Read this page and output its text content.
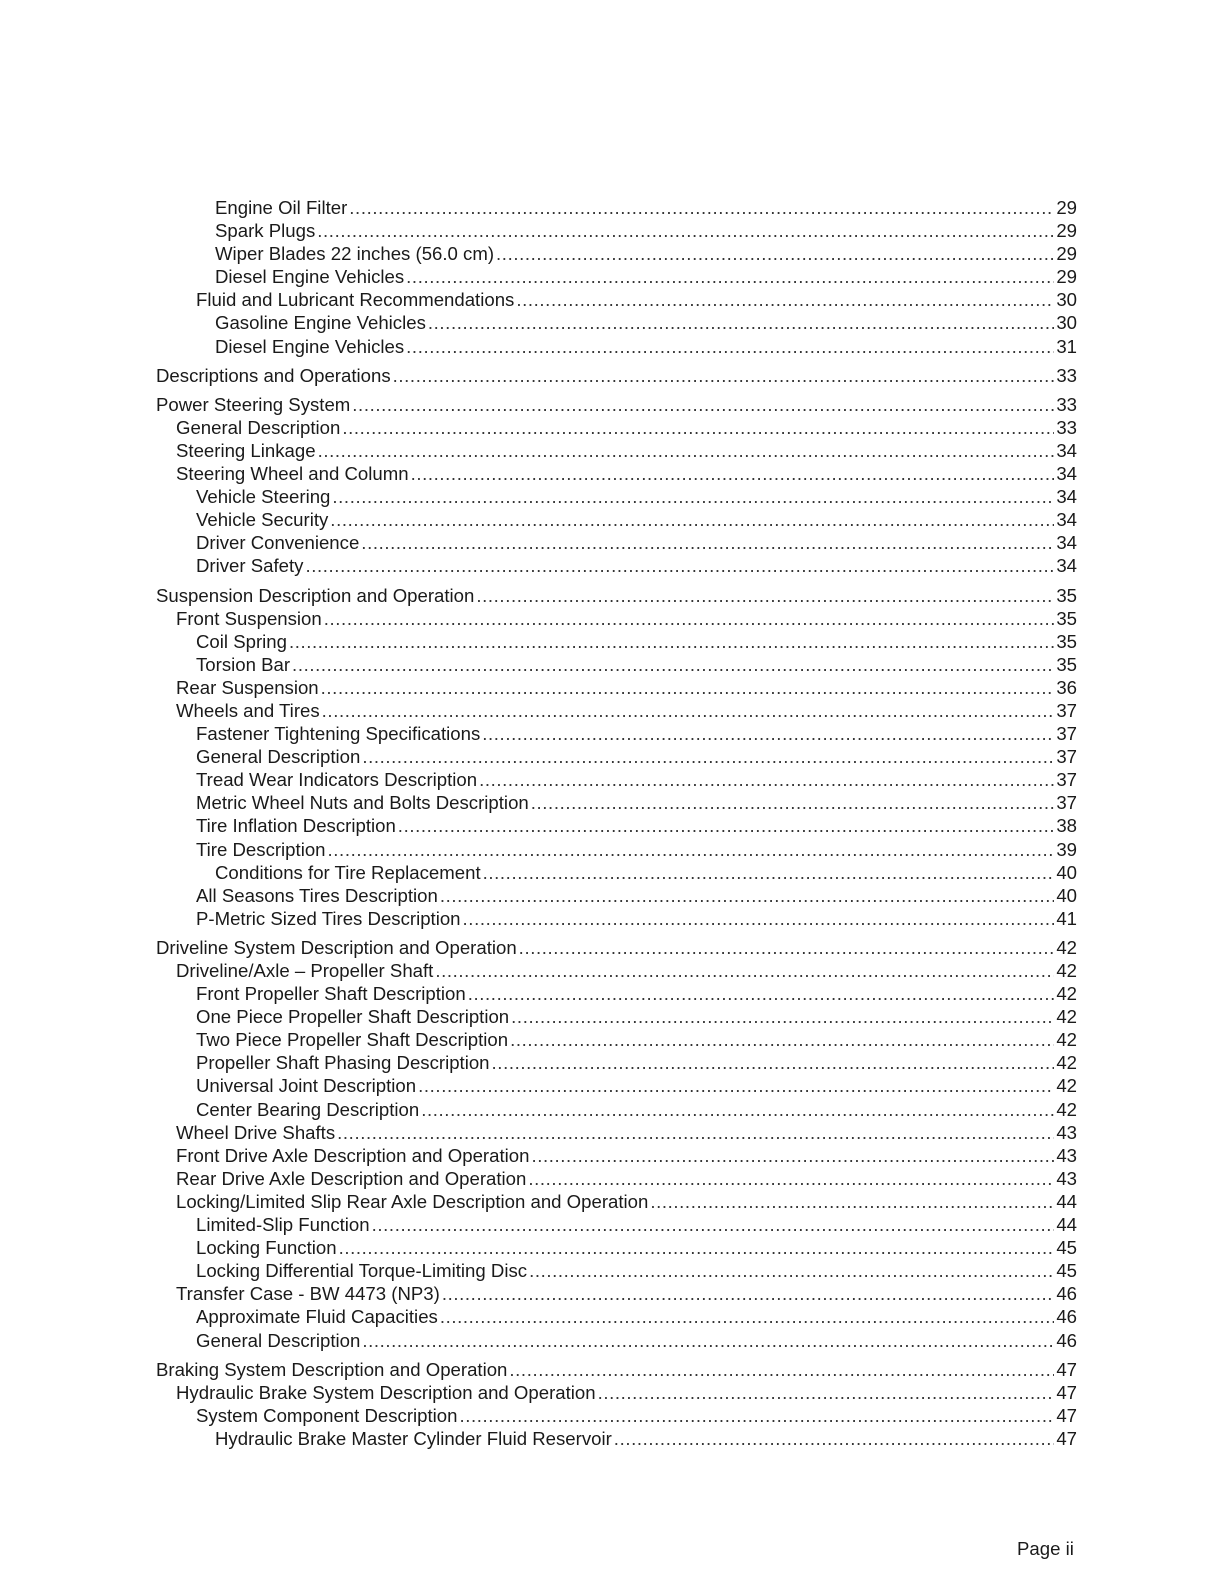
Engine Oil Filter .....	29
Spark Plugs .....	29
Wiper Blades 22 inches (56.0 cm) .....	29
Diesel Engine Vehicles .....	29
Fluid and Lubricant Recommendations .....	30
Gasoline Engine Vehicles .....	30
Diesel Engine Vehicles .....	31
Descriptions and Operations .....	33
Power Steering System .....	33
General Description .....	33
Steering Linkage .....	34
Steering Wheel and Column .....	34
Vehicle Steering .....	34
Vehicle Security .....	34
Driver Convenience .....	34
Driver Safety .....	34
Suspension Description and Operation .....	35
Front Suspension .....	35
Coil Spring .....	35
Torsion Bar .....	35
Rear Suspension .....	36
Wheels and Tires .....	37
Fastener Tightening Specifications .....	37
General Description .....	37
Tread Wear Indicators Description .....	37
Metric Wheel Nuts and Bolts Description .....	37
Tire Inflation Description .....	38
Tire Description .....	39
Conditions for Tire Replacement .....	40
All Seasons Tires Description .....	40
P-Metric Sized Tires Description .....	41
Driveline System Description and Operation .....	42
Driveline/Axle – Propeller Shaft .....	42
Front Propeller Shaft Description .....	42
One Piece Propeller Shaft Description .....	42
Two Piece Propeller Shaft Description .....	42
Propeller Shaft Phasing Description .....	42
Universal Joint Description .....	42
Center Bearing Description .....	42
Wheel Drive Shafts .....	43
Front Drive Axle Description and Operation .....	43
Rear Drive Axle Description and Operation .....	43
Locking/Limited Slip Rear Axle Description and Operation .....	44
Limited-Slip Function .....	44
Locking Function .....	45
Locking Differential Torque-Limiting Disc .....	45
Transfer Case - BW 4473 (NP3) .....	46
Approximate Fluid Capacities .....	46
General Description .....	46
Braking System Description and Operation .....	47
Hydraulic Brake System Description and Operation .....	47
System Component Description .....	47
Hydraulic Brake Master Cylinder Fluid Reservoir .....	47
Page ii
